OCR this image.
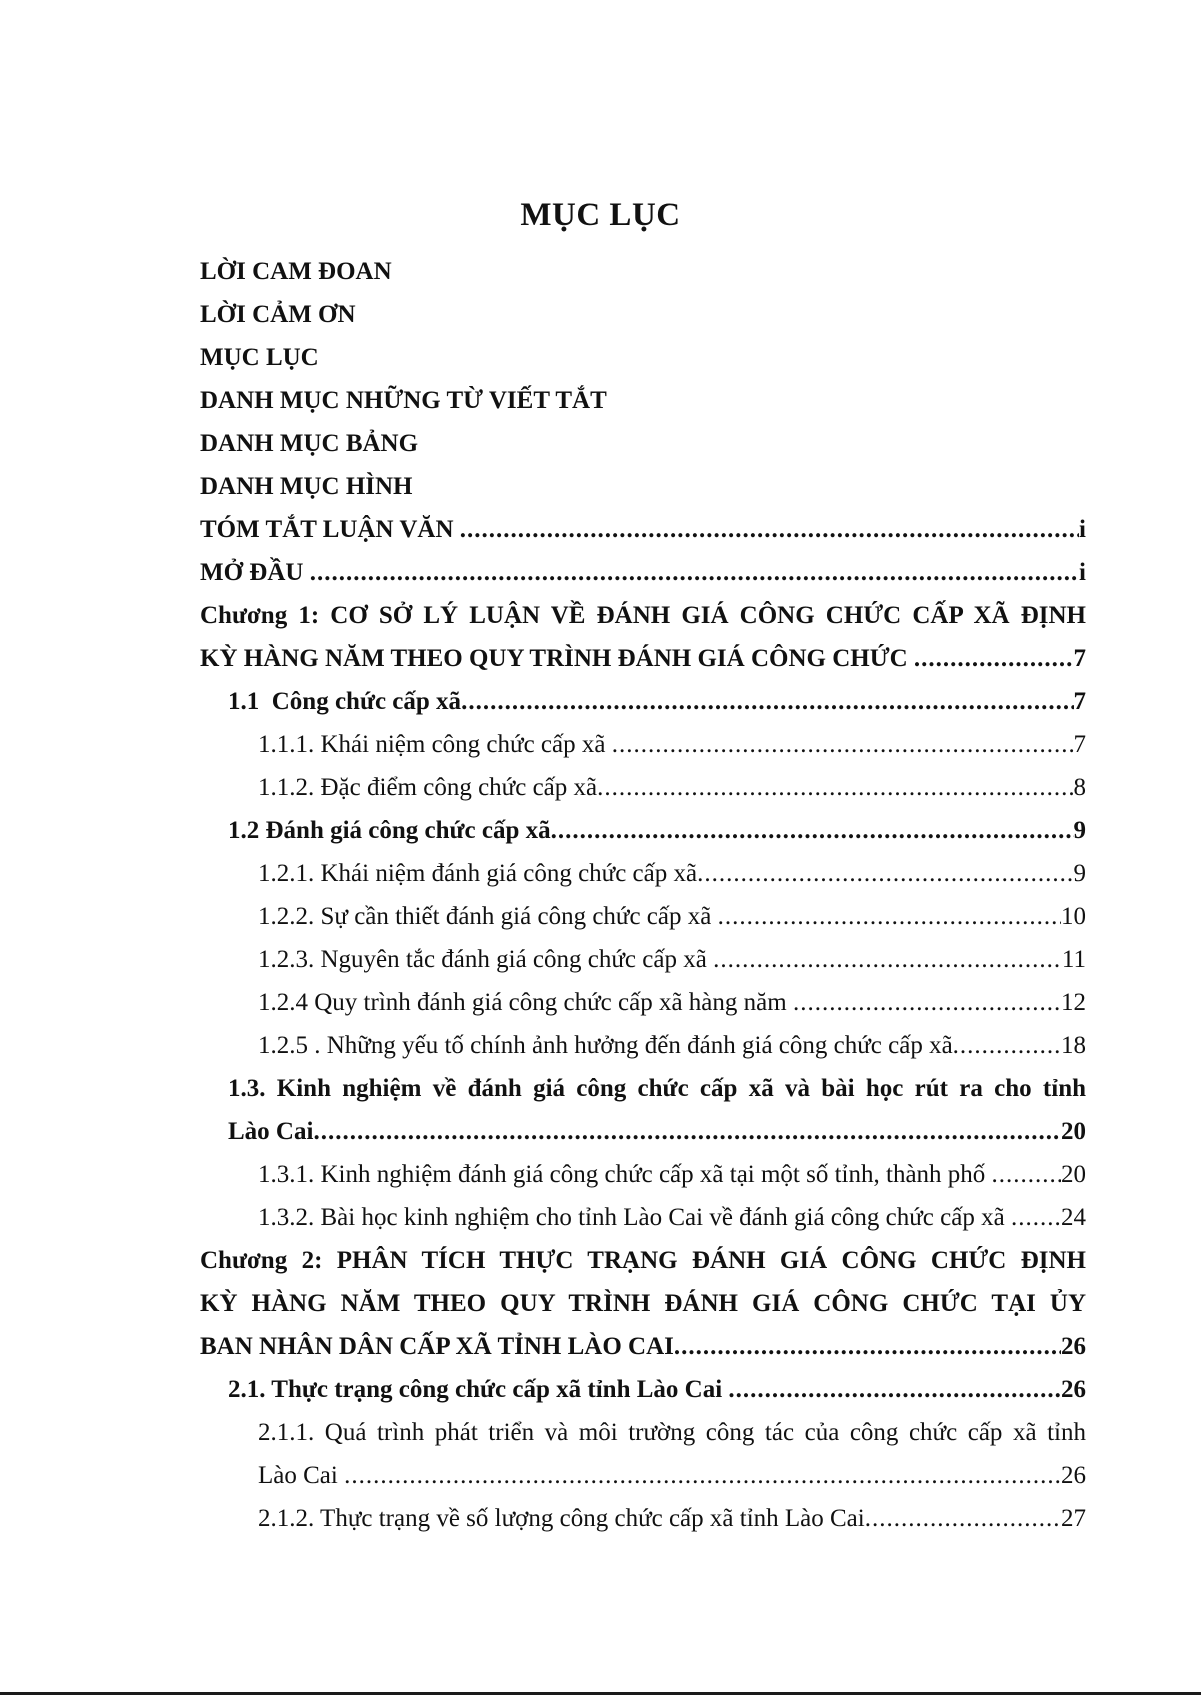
MỤC LỤC
LỜI CAM ĐOAN
LỜI CẢM ƠN
MỤC LỤC
DANH MỤC NHỮNG TỪ VIẾT TẮT
DANH MỤC BẢNG
DANH MỤC HÌNH
TÓM TẮT LUẬN VĂN .....	i
MỞ ĐẦU .....	i
Chương 1: CƠ SỞ LÝ LUẬN VỀ ĐÁNH GIÁ CÔNG CHỨC CẤP XÃ ĐỊNH
KỲ HÀNG NĂM THEO QUY TRÌNH ĐÁNH GIÁ CÔNG CHỨC .....	7
1.1  Công chức cấp xã .....	7
1.1.1. Khái niệm công chức cấp xã .....	7
1.1.2. Đặc điểm công chức cấp xã .....	8
1.2 Đánh giá công chức cấp xã .....	9
1.2.1. Khái niệm đánh giá công chức cấp xã .....	9
1.2.2. Sự cần thiết đánh giá công chức cấp xã .....	10
1.2.3. Nguyên tắc đánh giá công chức cấp xã .....	11
1.2.4 Quy trình đánh giá công chức cấp xã hàng năm .....	12
1.2.5 . Những yếu tố chính ảnh hưởng đến đánh giá công chức cấp xã .....	18
1.3. Kinh nghiệm về đánh giá công chức cấp xã và bài học rút ra cho tỉnh
Lào Cai .....	20
1.3.1. Kinh nghiệm đánh giá công chức cấp xã tại một số tỉnh, thành phố .....	20
1.3.2. Bài học kinh nghiệm cho tỉnh Lào Cai về đánh giá công chức cấp xã ..... 24
Chương 2: PHÂN TÍCH THỰC TRẠNG ĐÁNH GIÁ CÔNG CHỨC ĐỊNH
KỲ HÀNG NĂM THEO QUY TRÌNH ĐÁNH GIÁ CÔNG CHỨC TẠI ỦY
BAN NHÂN DÂN CẤP XÃ TỈNH LÀO CAI .....	26
2.1. Thực trạng công chức cấp xã tỉnh Lào Cai .....	26
2.1.1. Quá trình phát triển và môi trường công tác của công chức cấp xã tỉnh
Lào Cai .....	26
2.1.2. Thực trạng về số lượng công chức cấp xã tỉnh Lào Cai .....	27
